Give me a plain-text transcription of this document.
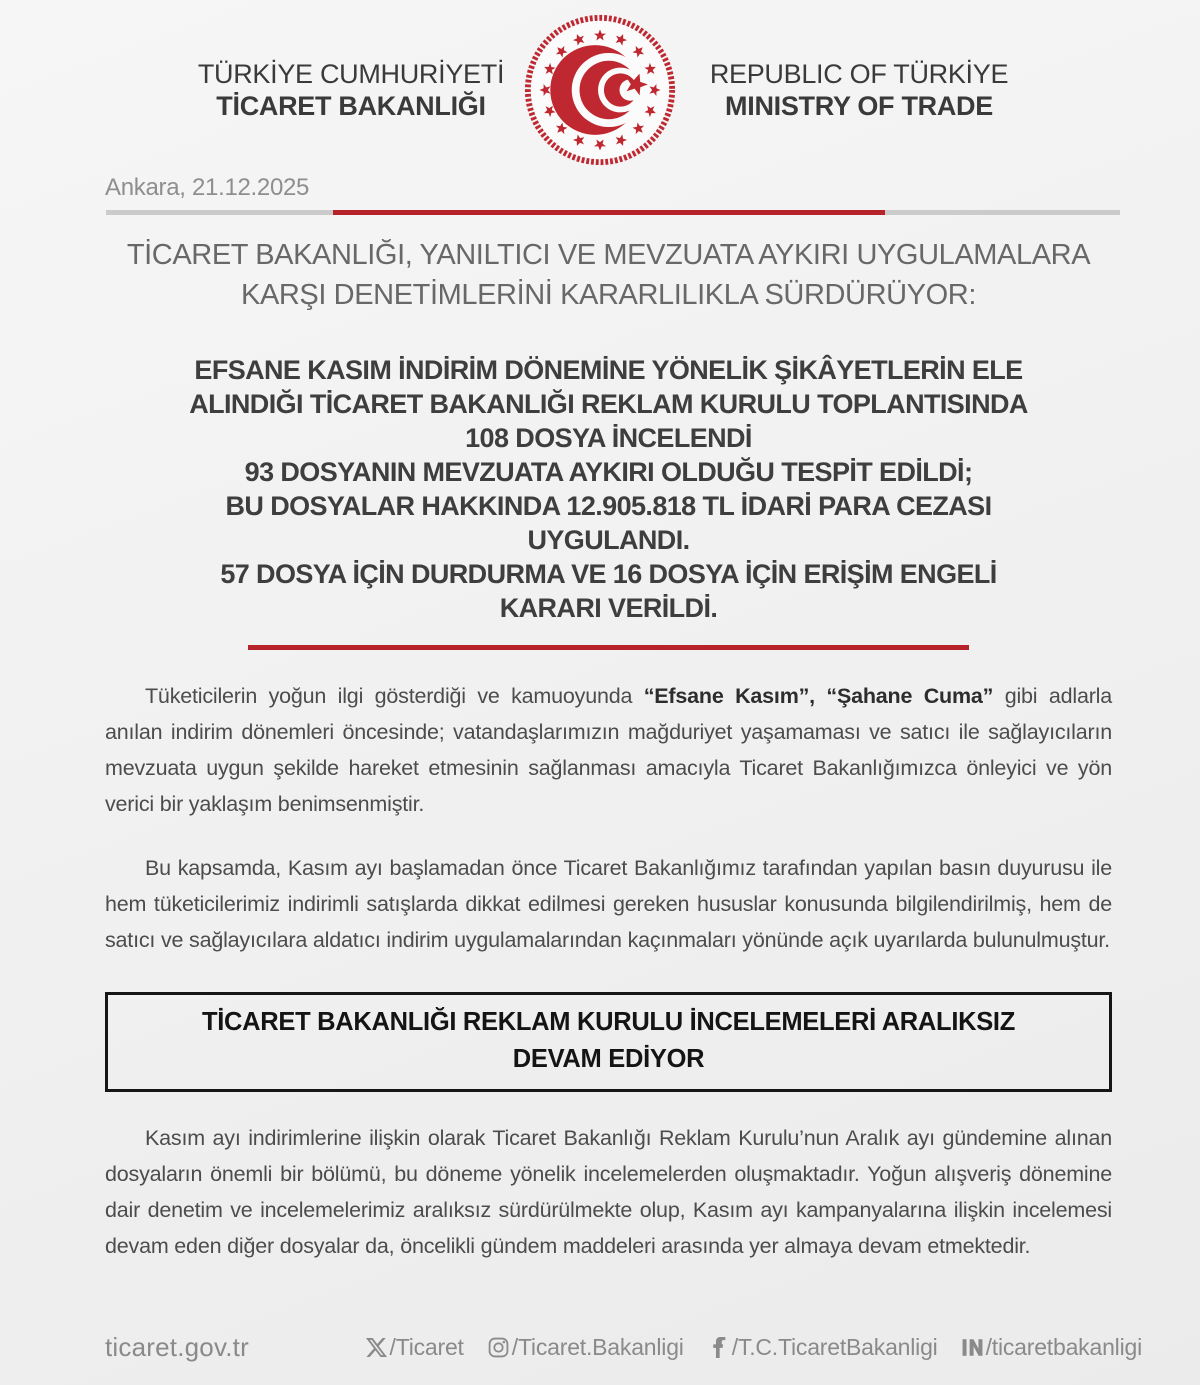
TÜRKİYE CUMHURİYETİ
TİCARET BAKANLIĞI
REPUBLIC OF TÜRKİYE
MINISTRY OF TRADE
Ankara, 21.12.2025
TİCARET BAKANLIĞI, YANILTICI VE MEVZUATA AYKIRI UYGULAMALARA
KARŞI DENETİMLERİNİ KARARLILIKLA SÜRDÜRÜYOR:
EFSANE KASIM İNDİRİM DÖNEMİNE YÖNELİK ŞİKÂYETLERİN ELE
ALINDIĞI TİCARET BAKANLIĞI REKLAM KURULU TOPLANTISINDA
108 DOSYA İNCELENDİ
93 DOSYANIN MEVZUATA AYKIRI OLDUĞU TESPİT EDİLDİ;
BU DOSYALAR HAKKINDA 12.905.818 TL İDARİ PARA CEZASI
UYGULANDI.
57 DOSYA İÇİN DURDURMA VE 16 DOSYA İÇİN ERİŞİM ENGELİ
KARARI VERİLDİ.

Tüketicilerin yoğun ilgi gösterdiği ve kamuoyunda “Efsane Kasım”, “Şahane Cuma” gibi adlarla anılan indirim dönemleri öncesinde; vatandaşlarımızın mağduriyet yaşamaması ve satıcı ile sağlayıcıların mevzuata uygun şekilde hareket etmesinin sağlanması amacıyla Ticaret Bakanlığımızca önleyici ve yön verici bir yaklaşım benimsenmiştir.

Bu kapsamda, Kasım ayı başlamadan önce Ticaret Bakanlığımız tarafından yapılan basın duyurusu ile hem tüketicilerimiz indirimli satışlarda dikkat edilmesi gereken hususlar konusunda bilgilendirilmiş, hem de satıcı ve sağlayıcılara aldatıcı indirim uygulamalarından kaçınmaları yönünde açık uyarılarda bulunulmuştur.

TİCARET BAKANLIĞI REKLAM KURULU İNCELEMELERİ ARALIKSIZ
DEVAM EDİYOR

Kasım ayı indirimlerine ilişkin olarak Ticaret Bakanlığı Reklam Kurulu’nun Aralık ayı gündemine alınan dosyaların önemli bir bölümü, bu döneme yönelik incelemelerden oluşmaktadır. Yoğun alışveriş dönemine dair denetim ve incelemelerimiz aralıksız sürdürülmekte olup, Kasım ayı kampanyalarına ilişkin incelemesi devam eden diğer dosyalar da, öncelikli gündem maddeleri arasında yer almaya devam etmektedir.

ticaret.gov.tr	/Ticaret /Ticaret.Bakanligi /T.C.TicaretBakanligi /ticaretbakanligi
